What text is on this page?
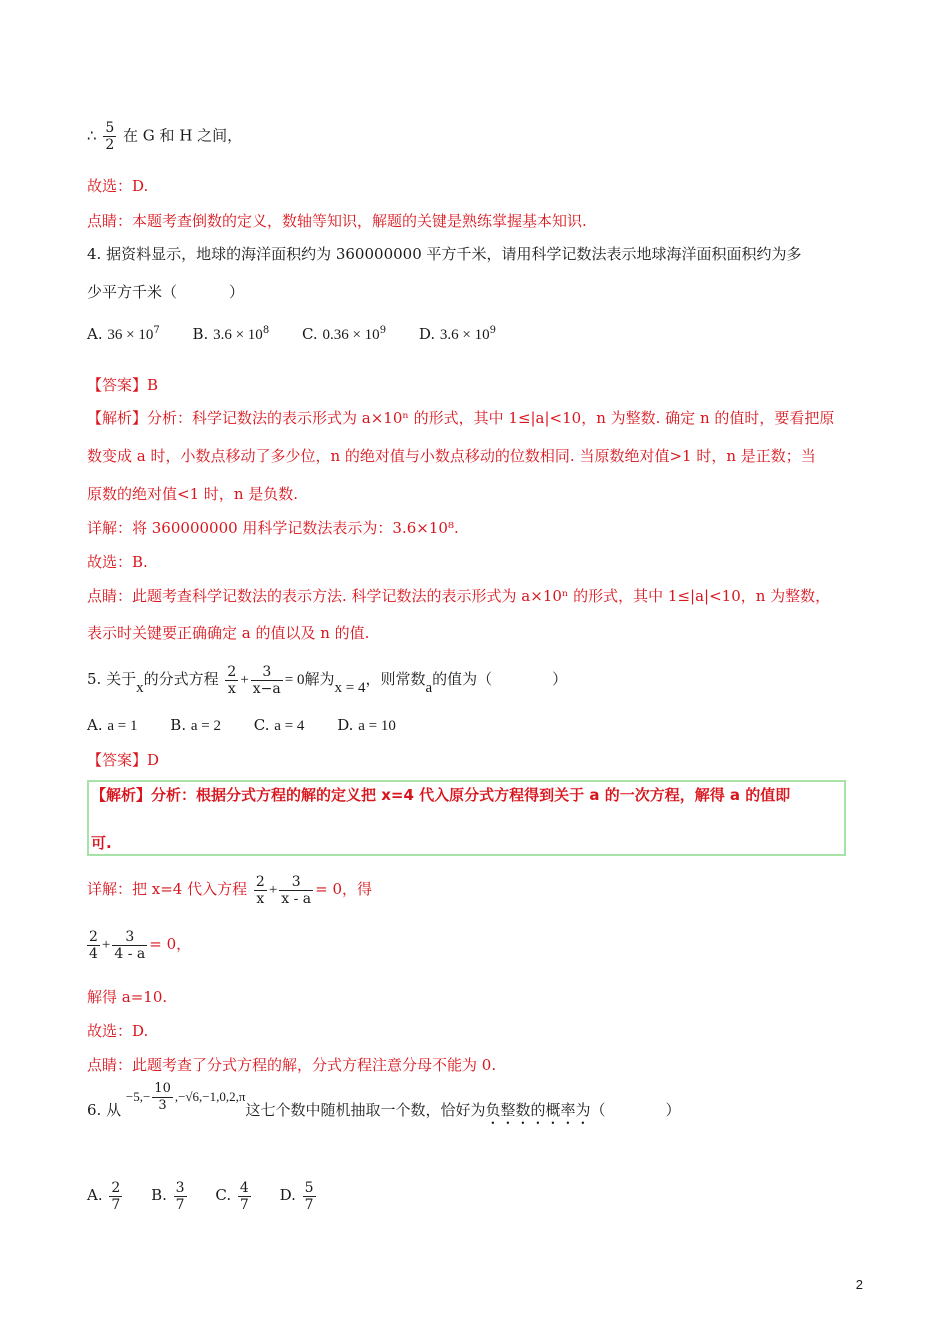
∴ $\frac{5}{2}$ 在 G 和 H 之间，
故选：D.
点睛：本题考查倒数的定义，数轴等知识，解题的关键是熟练掌握基本知识.
4. 据资料显示，地球的海洋面积约为 360000000 平方千米，请用科学记数法表示地球海洋面积面积约为多
少平方千米（	）
A. $36 \times 10^7$ B. $3.6 \times 10^8$ C. $0.36 \times 10^9$ D. $3.6 \times 10^9$
【答案】B
【解析】分析：科学记数法的表示形式为 a×10ⁿ 的形式，其中 1≤|a|<10，n 为整数. 确定 n 的值时，要看把原
数变成 a 时，小数点移动了多少位，n 的绝对值与小数点移动的位数相同. 当原数绝对值>1 时，n 是正数；当
原数的绝对值<1 时，n 是负数.
详解：将 360000000 用科学记数法表示为：3.6×10⁸.
故选：B.
点睛：此题考查科学记数法的表示方法. 科学记数法的表示形式为 a×10ⁿ 的形式，其中 1≤|a|<10，n 为整数，
表示时关键要正确确定 a 的值以及 n 的值.
5. 关于x的分式方程 $\frac{2}{x} + \frac{3}{x-a} = 0$解为x = 4，则常数a的值为（	）
A. a = 1 B. a = 2 C. a = 4 D. a = 10
【答案】D
【解析】分析：根据分式方程的解的定义把 x=4 代入原分式方程得到关于 a 的一次方程，解得 a 的值即
可.
详解：把 x=4 代入方程 $\frac{2}{x} + \frac{3}{x - a} = 0$，得
$\frac{2}{4} + \frac{3}{4 - a} = 0$，
解得 a=10.
故选：D.
点睛：此题考查了分式方程的解，分式方程注意分母不能为 0.
6. 从 $-5,- \frac{10}{3} ,-√6,-1,0,2,\pi$这七个数中随机抽取一个数，恰好为负整数的概率为（	）
A. $\frac{2}{7} B$. $\frac{3}{7} C$. $\frac{4}{7} D$. $\frac{5}{7}$
2
